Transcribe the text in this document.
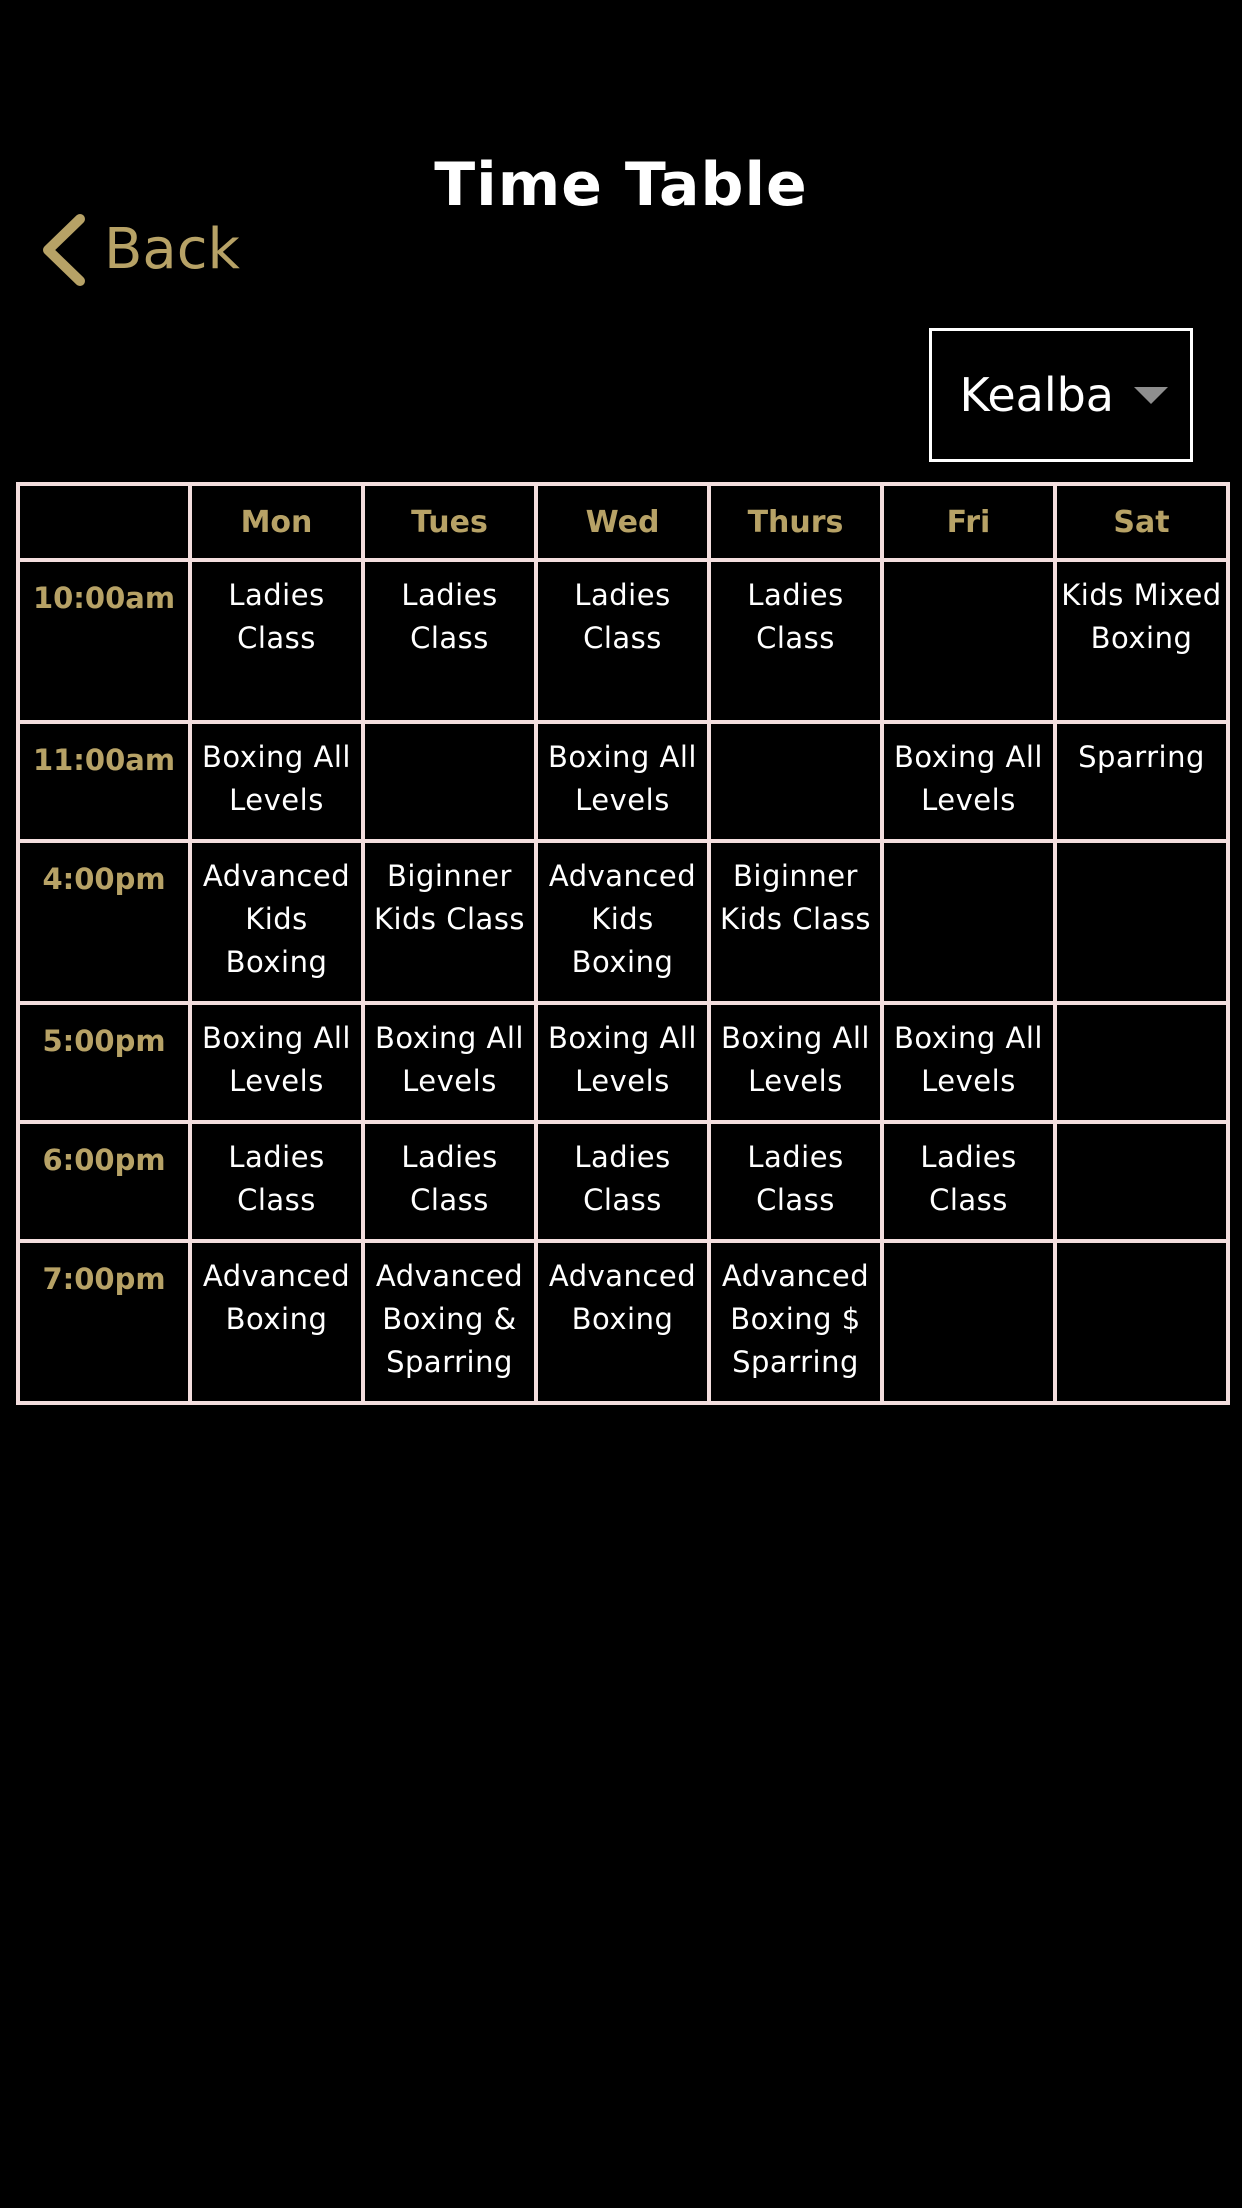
Time Table
Back
Kealba
	Mon	Tues	Wed	Thurs	Fri	Sat
10:00am	Ladies Class	Ladies Class	Ladies Class	Ladies Class		Kids Mixed Boxing
11:00am	Boxing All Levels		Boxing All Levels		Boxing All Levels	Sparring
4:00pm	Advanced Kids Boxing	Biginner Kids Class	Advanced Kids Boxing	Biginner Kids Class		
5:00pm	Boxing All Levels	Boxing All Levels	Boxing All Levels	Boxing All Levels	Boxing All Levels	
6:00pm	Ladies Class	Ladies Class	Ladies Class	Ladies Class	Ladies Class	
7:00pm	Advanced Boxing	Advanced Boxing & Sparring	Advanced Boxing	Advanced Boxing $ Sparring		
